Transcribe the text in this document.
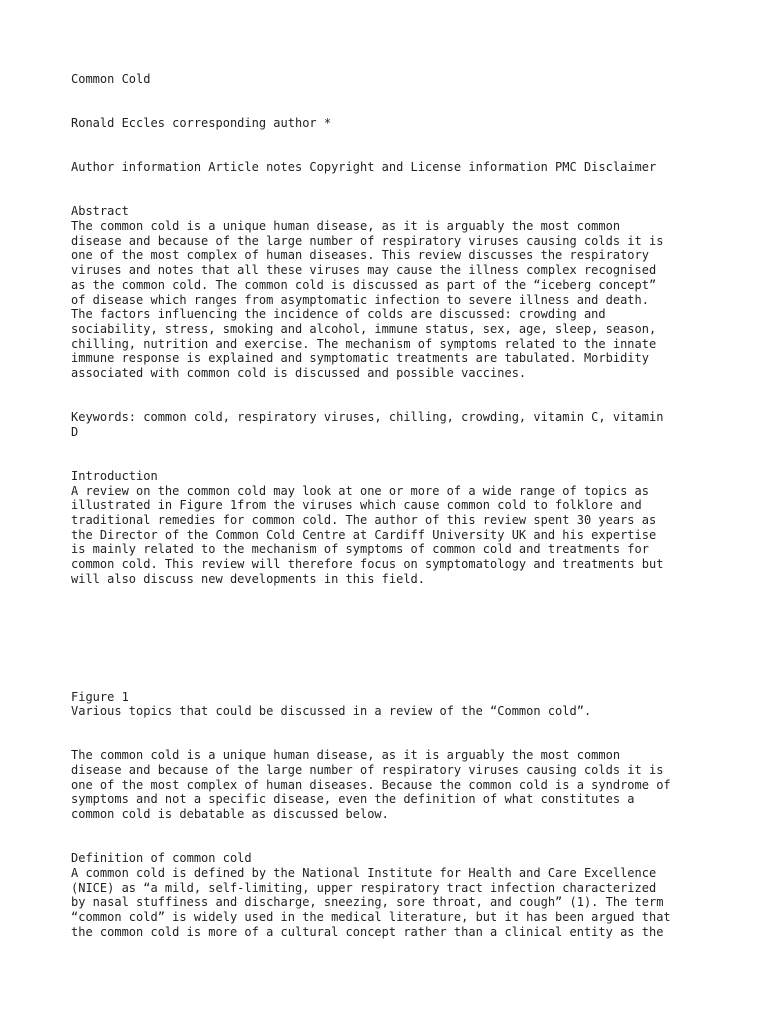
Common Cold
Ronald Eccles corresponding author *
Author information Article notes Copyright and License information PMC Disclaimer
Abstract
The common cold is a unique human disease, as it is arguably the most common
disease and because of the large number of respiratory viruses causing colds it is
one of the most complex of human diseases. This review discusses the respiratory
viruses and notes that all these viruses may cause the illness complex recognised
as the common cold. The common cold is discussed as part of the “iceberg concept”
of disease which ranges from asymptomatic infection to severe illness and death.
The factors influencing the incidence of colds are discussed: crowding and
sociability, stress, smoking and alcohol, immune status, sex, age, sleep, season,
chilling, nutrition and exercise. The mechanism of symptoms related to the innate
immune response is explained and symptomatic treatments are tabulated. Morbidity
associated with common cold is discussed and possible vaccines.
Keywords: common cold, respiratory viruses, chilling, crowding, vitamin C, vitamin
D
Introduction
A review on the common cold may look at one or more of a wide range of topics as
illustrated in Figure 1from the viruses which cause common cold to folklore and
traditional remedies for common cold. The author of this review spent 30 years as
the Director of the Common Cold Centre at Cardiff University UK and his expertise
is mainly related to the mechanism of symptoms of common cold and treatments for
common cold. This review will therefore focus on symptomatology and treatments but
will also discuss new developments in this field.
Figure 1
Various topics that could be discussed in a review of the “Common cold”.
The common cold is a unique human disease, as it is arguably the most common
disease and because of the large number of respiratory viruses causing colds it is
one of the most complex of human diseases. Because the common cold is a syndrome of
symptoms and not a specific disease, even the definition of what constitutes a
common cold is debatable as discussed below.
Definition of common cold
A common cold is defined by the National Institute for Health and Care Excellence
(NICE) as “a mild, self-limiting, upper respiratory tract infection characterized
by nasal stuffiness and discharge, sneezing, sore throat, and cough” (1). The term
“common cold” is widely used in the medical literature, but it has been argued that
the common cold is more of a cultural concept rather than a clinical entity as the
